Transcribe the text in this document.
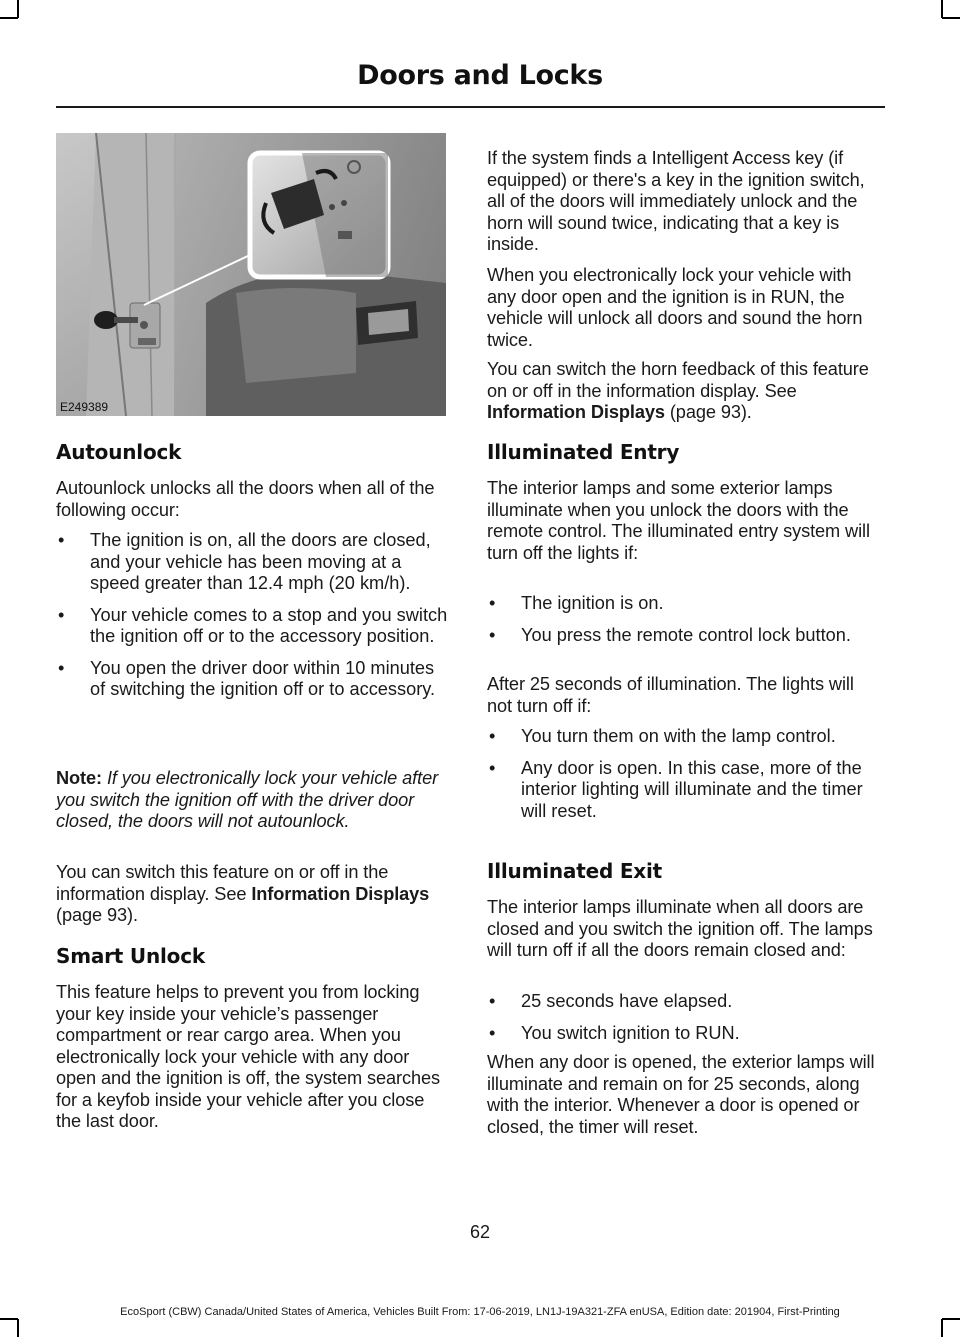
Doors and Locks
E249389
Autounlock

Autounlock unlocks all the doors when all of the following occur:

• The ignition is on, all the doors are closed, and your vehicle has been moving at a speed greater than 12.4 mph (20 km/h).
• Your vehicle comes to a stop and you switch the ignition off or to the accessory position.
• You open the driver door within 10 minutes of switching the ignition off or to accessory.

Note: If you electronically lock your vehicle after you switch the ignition off with the driver door closed, the doors will not autounlock.

You can switch this feature on or off in the information display. See Information Displays (page 93).

Smart Unlock

This feature helps to prevent you from locking your key inside your vehicle’s passenger compartment or rear cargo area. When you electronically lock your vehicle with any door open and the ignition is off, the system searches for a keyfob inside your vehicle after you close the last door.

If the system finds a Intelligent Access key (if equipped) or there's a key in the ignition switch, all of the doors will immediately unlock and the horn will sound twice, indicating that a key is inside.

When you electronically lock your vehicle with any door open and the ignition is in RUN, the vehicle will unlock all doors and sound the horn twice.

You can switch the horn feedback of this feature on or off in the information display. See Information Displays (page 93).

Illuminated Entry

The interior lamps and some exterior lamps illuminate when you unlock the doors with the remote control. The illuminated entry system will turn off the lights if:

• The ignition is on.
• You press the remote control lock button.

After 25 seconds of illumination. The lights will not turn off if:

• You turn them on with the lamp control.
• Any door is open. In this case, more of the interior lighting will illuminate and the timer will reset.
Illuminated Exit

The interior lamps illuminate when all doors are closed and you switch the ignition off. The lamps will turn off if all the doors remain closed and:

• 25 seconds have elapsed.
• You switch ignition to RUN.

When any door is opened, the exterior lamps will illuminate and remain on for 25 seconds, along with the interior. Whenever a door is opened or closed, the timer will reset.

62
EcoSport (CBW) Canada/United States of America, Vehicles Built From: 17-06-2019, LN1J-19A321-ZFA enUSA, Edition date: 201904, First-Printing
